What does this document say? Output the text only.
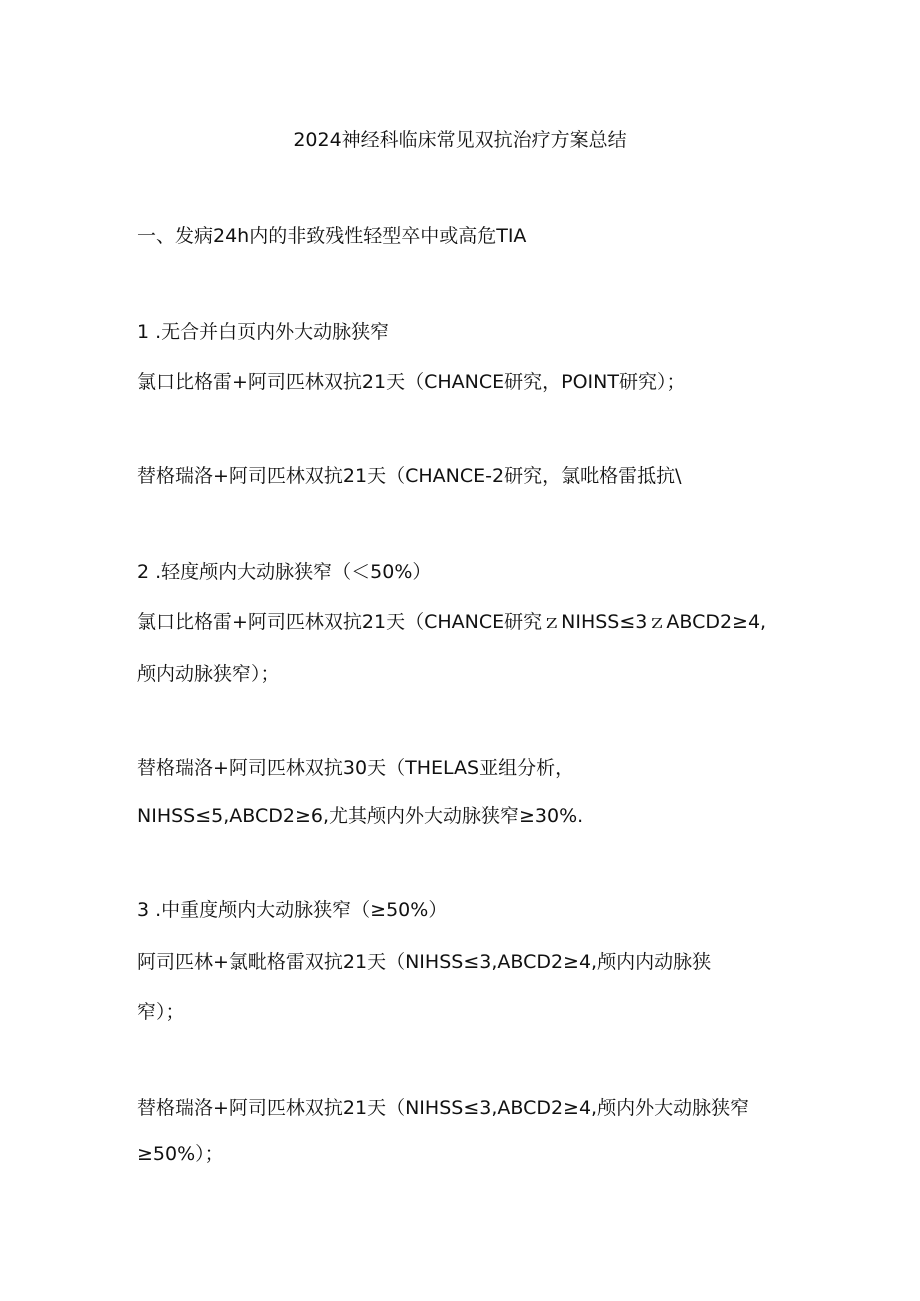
2024神经科临床常见双抗治疗方案总结
一、发病24h内的非致残性轻型卒中或高危TIA
1 .无合并白页内外大动脉狭窄
氯口比格雷+阿司匹林双抗21天（CHANCE研究，POINT研究）；
替格瑞洛+阿司匹林双抗21天（CHANCE-2研究，氯吡格雷抵抗\
2 .轻度颅内大动脉狭窄（＜50%）
氯口比格雷+阿司匹林双抗21天（CHANCE研究ｚNIHSS≤3ｚABCD2≥4,
颅内动脉狭窄）；
替格瑞洛+阿司匹林双抗30天（THELAS亚组分析，
NIHSS≤5,ABCD2≥6,尤其颅内外大动脉狭窄≥30%.
3 .中重度颅内大动脉狭窄（≥50%）
阿司匹林+氯毗格雷双抗21天（NIHSS≤3,ABCD2≥4,颅内内动脉狭
窄）；
替格瑞洛+阿司匹林双抗21天（NIHSS≤3,ABCD2≥4,颅内外大动脉狭窄
≥50%）；
